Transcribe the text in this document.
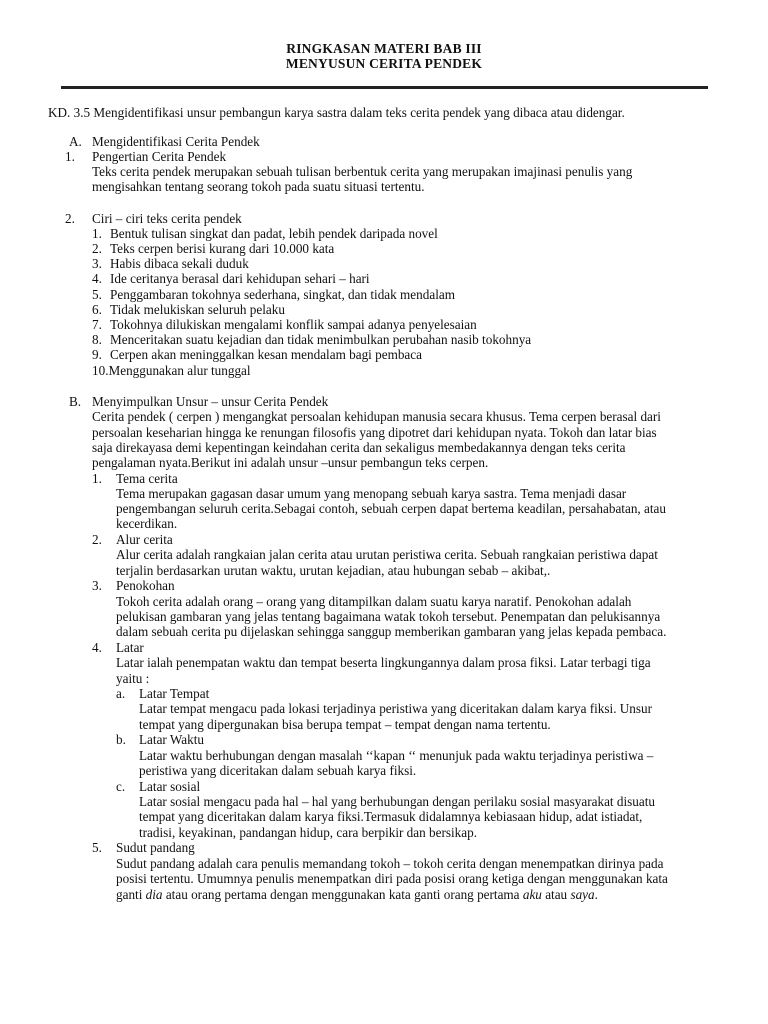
RINGKASAN MATERI BAB III
MENYUSUN CERITA PENDEK
KD. 3.5 Mengidentifikasi unsur pembangun karya sastra dalam teks cerita pendek yang dibaca atau didengar.
A. Mengidentifikasi Cerita Pendek
1. Pengertian Cerita Pendek
Teks cerita pendek merupakan sebuah tulisan berbentuk cerita yang merupakan imajinasi penulis yang
mengisahkan tentang seorang tokoh pada suatu situasi tertentu.
2. Ciri – ciri teks cerita pendek
1. Bentuk tulisan singkat dan padat, lebih pendek daripada novel
2. Teks cerpen berisi kurang dari 10.000 kata
3. Habis dibaca sekali duduk
4. Ide ceritanya berasal dari kehidupan sehari – hari
5. Penggambaran tokohnya sederhana, singkat, dan tidak mendalam
6. Tidak melukiskan seluruh pelaku
7. Tokohnya dilukiskan mengalami konflik sampai adanya penyelesaian
8. Menceritakan suatu kejadian dan tidak menimbulkan perubahan nasib tokohnya
9. Cerpen akan meninggalkan kesan mendalam bagi pembaca
10.Menggunakan alur tunggal
B. Menyimpulkan Unsur – unsur Cerita Pendek
Cerita pendek ( cerpen ) mengangkat persoalan kehidupan manusia secara khusus. Tema cerpen berasal dari
persoalan keseharian hingga ke renungan filosofis yang dipotret dari kehidupan nyata. Tokoh dan latar bias
saja direkayasa demi kepentingan keindahan cerita dan sekaligus membedakannya dengan teks cerita
pengalaman nyata.Berikut ini adalah unsur –unsur pembangun teks cerpen.
1. Tema cerita
Tema merupakan gagasan dasar umum yang menopang sebuah karya sastra. Tema menjadi dasar
pengembangan seluruh cerita.Sebagai contoh, sebuah cerpen dapat bertema keadilan, persahabatan, atau
kecerdikan.
2. Alur cerita
Alur cerita adalah rangkaian jalan cerita atau urutan peristiwa cerita. Sebuah rangkaian peristiwa dapat
terjalin berdasarkan urutan waktu, urutan kejadian, atau hubungan sebab – akibat,.
3. Penokohan
Tokoh cerita adalah orang – orang yang ditampilkan dalam suatu karya naratif. Penokohan adalah
pelukisan gambaran yang jelas tentang bagaimana watak tokoh tersebut. Penempatan dan pelukisannya
dalam sebuah cerita pu dijelaskan sehingga sanggup memberikan gambaran yang jelas kepada pembaca.
4. Latar
Latar ialah penempatan waktu dan tempat beserta lingkungannya dalam prosa fiksi. Latar terbagi tiga
yaitu :
a. Latar Tempat
Latar tempat mengacu pada lokasi terjadinya peristiwa yang diceritakan dalam karya fiksi. Unsur
tempat yang dipergunakan bisa berupa tempat – tempat dengan nama tertentu.
b. Latar Waktu
Latar waktu berhubungan dengan masalah ‘‘kapan ‘‘ menunjuk pada waktu terjadinya peristiwa –
peristiwa yang diceritakan dalam sebuah karya fiksi.
c. Latar sosial
Latar sosial mengacu pada hal – hal yang berhubungan dengan perilaku sosial masyarakat disuatu
tempat yang diceritakan dalam karya fiksi.Termasuk didalamnya kebiasaan hidup, adat istiadat,
tradisi, keyakinan, pandangan hidup, cara berpikir dan bersikap.
5. Sudut pandang
Sudut pandang adalah cara penulis memandang tokoh – tokoh cerita dengan menempatkan dirinya pada
posisi tertentu. Umumnya penulis menempatkan diri pada posisi orang ketiga dengan menggunakan kata
ganti dia atau orang pertama dengan menggunakan kata ganti orang pertama aku atau saya.
